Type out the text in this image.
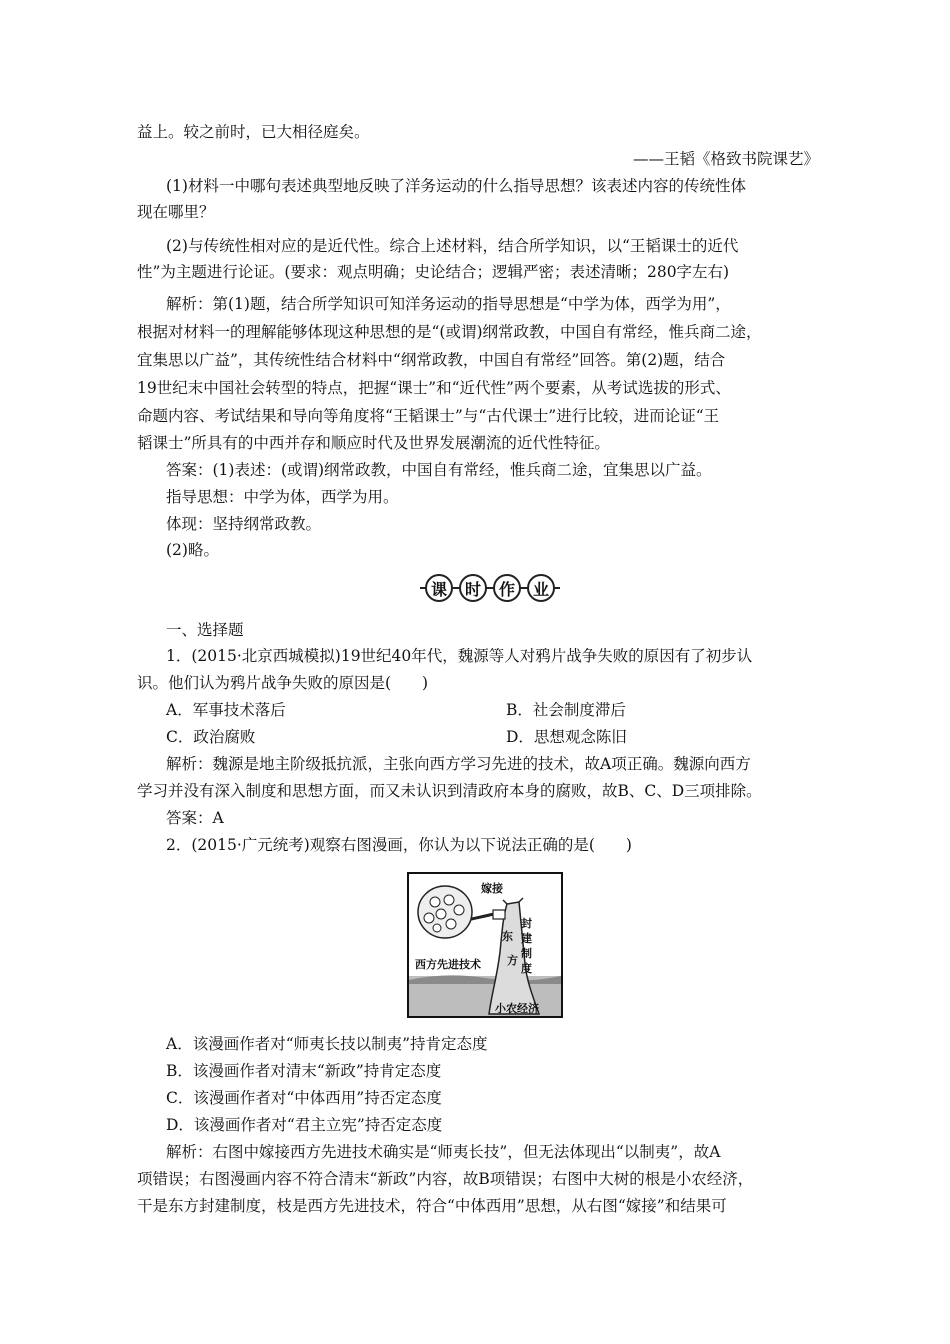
益上。较之前时，已大相径庭矣。
——王韬《格致书院课艺》
(1)材料一中哪句表述典型地反映了洋务运动的什么指导思想？该表述内容的传统性体
现在哪里？
(2)与传统性相对应的是近代性。综合上述材料，结合所学知识，以“王韬课士的近代
性”为主题进行论证。(要求：观点明确；史论结合；逻辑严密；表述清晰；280字左右)
解析：第(1)题，结合所学知识可知洋务运动的指导思想是“中学为体，西学为用”，
根据对材料一的理解能够体现这种思想的是“(或谓)纲常政教，中国自有常经，惟兵商二途，
宜集思以广益”，其传统性结合材料中“纲常政教，中国自有常经”回答。第(2)题，结合
19世纪末中国社会转型的特点，把握“课士”和“近代性”两个要素，从考试选拔的形式、
命题内容、考试结果和导向等角度将“王韬课士”与“古代课士”进行比较，进而论证“王
韬课士”所具有的中西并存和顺应时代及世界发展潮流的近代性特征。
答案：(1)表述：(或谓)纲常政教，中国自有常经，惟兵商二途，宜集思以广益。
指导思想：中学为体，西学为用。
体现：坚持纲常政教。
(2)略。
课	时	作	业
一、选择题
1．(2015·北京西城模拟)19世纪40年代，魏源等人对鸦片战争失败的原因有了初步认
识。他们认为鸦片战争失败的原因是(　　)
A．军事技术落后	B．社会制度滞后
C．政治腐败	D．思想观念陈旧
解析：魏源是地主阶级抵抗派，主张向西方学习先进的技术，故A项正确。魏源向西方
学习并没有深入制度和思想方面，而又未认识到清政府本身的腐败，故B、C、D三项排除。
答案：A
2．(2015·广元统考)观察右图漫画，你认为以下说法正确的是(　　)
嫁接
东
方
封建制度
西方先进技术
小农经济
A．该漫画作者对“师夷长技以制夷”持肯定态度
B．该漫画作者对清末“新政”持肯定态度
C．该漫画作者对“中体西用”持否定态度
D．该漫画作者对“君主立宪”持否定态度
解析：右图中嫁接西方先进技术确实是“师夷长技”，但无法体现出“以制夷”，故A
项错误；右图漫画内容不符合清末“新政”内容，故B项错误；右图中大树的根是小农经济，
干是东方封建制度，枝是西方先进技术，符合“中体西用”思想，从右图“嫁接”和结果可
